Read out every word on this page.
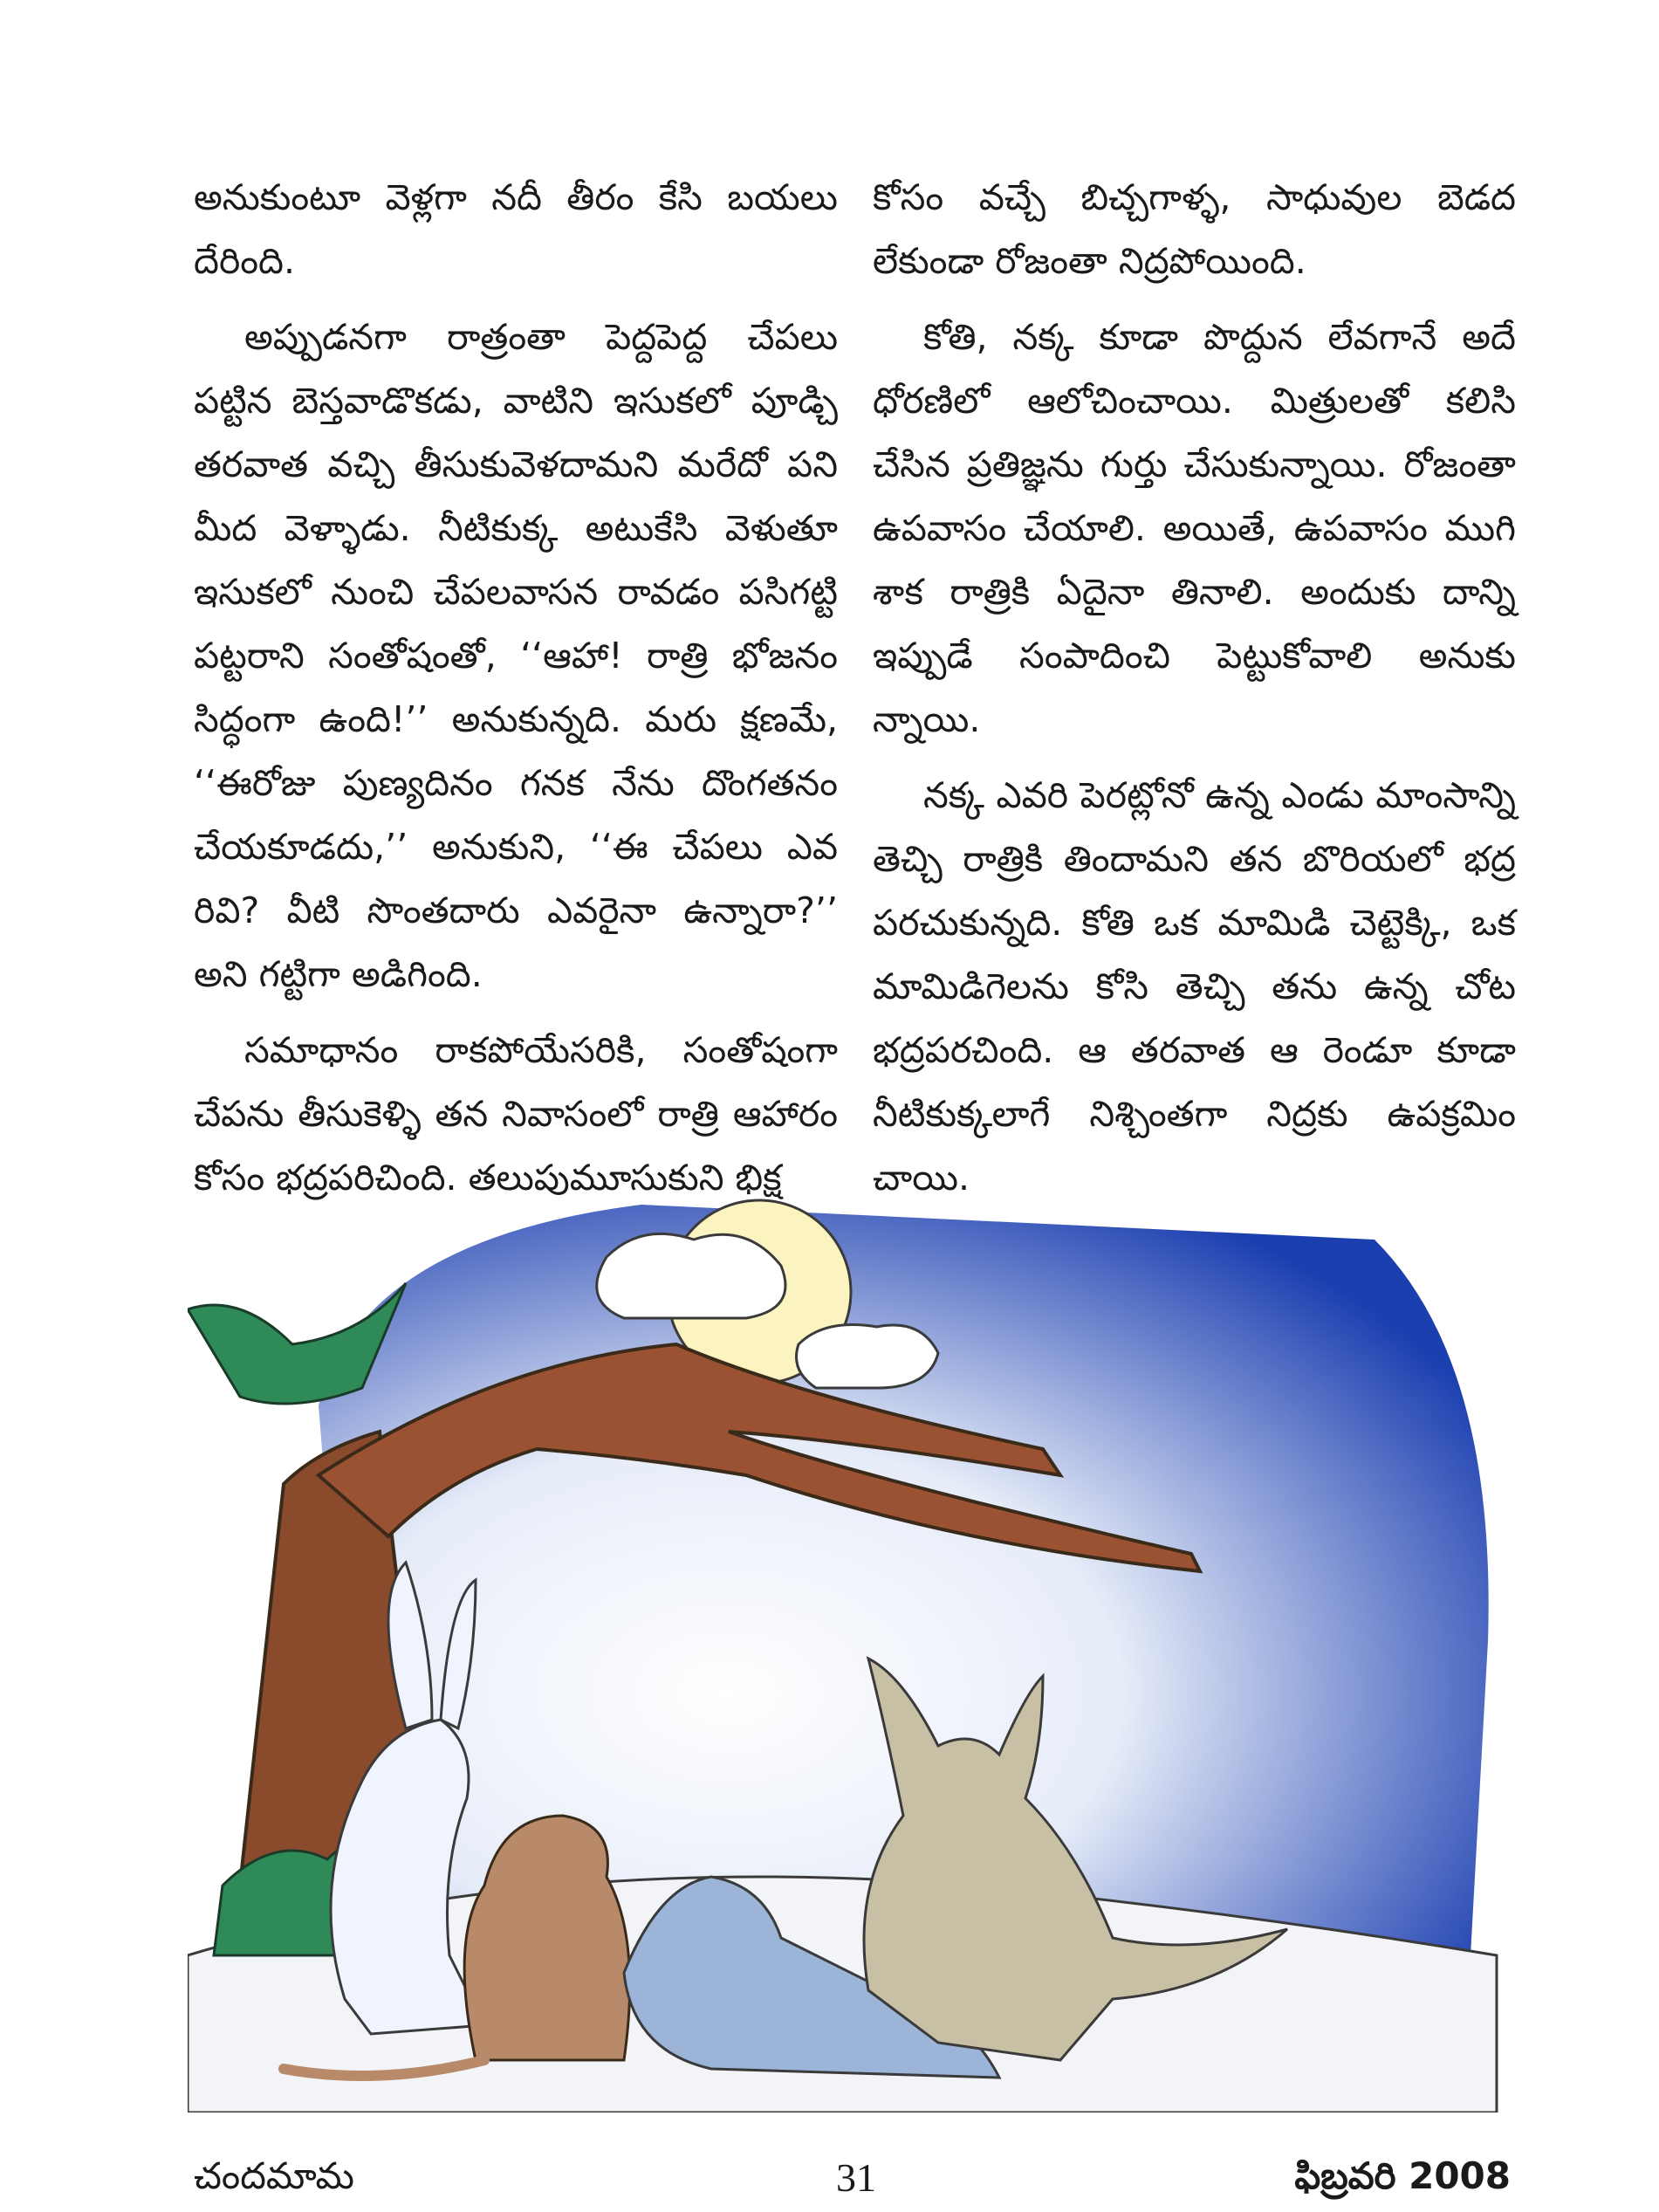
అనుకుంటూ వెళ్లగా నదీ తీరం కేసి బయలు దేరింది.

అప్పుడనగా రాత్రంతా పెద్దపెద్ద చేపలు పట్టిన బెస్తవాడొకడు, వాటిని ఇసుకలో పూడ్చి తరవాత వచ్చి తీసుకువెళదామని మరేదో పని మీద వెళ్ళాడు. నీటికుక్క అటుకేసి వెళుతూ ఇసుకలో నుంచి చేపలవాసన రావడం పసిగట్టి పట్టరాని సంతోషంతో, ‘‘ఆహా! రాత్రి భోజనం సిద్ధంగా ఉంది!’’ అనుకున్నది. మరు క్షణమే, ‘‘ఈరోజు పుణ్యదినం గనక నేను దొంగతనం చేయకూడదు,’’ అనుకుని, ‘‘ఈ చేపలు ఎవ రివి? వీటి సొంతదారు ఎవరైనా ఉన్నారా?’’ అని గట్టిగా అడిగింది.

సమాధానం రాకపోయేసరికి, సంతోషంగా చేపను తీసుకెళ్ళి తన నివాసంలో రాత్రి ఆహారం కోసం భద్రపరిచింది. తలుపుమూసుకుని భిక్ష

కోసం వచ్చే బిచ్చగాళ్ళ, సాధువుల బెడద లేకుండా రోజంతా నిద్రపోయింది.

కోతి, నక్క కూడా పొద్దున లేవగానే అదే ధోరణిలో ఆలోచించాయి. మిత్రులతో కలిసి చేసిన ప్రతిజ్ఞను గుర్తు చేసుకున్నాయి. రోజంతా ఉపవాసం చేయాలి. అయితే, ఉపవాసం ముగి శాక రాత్రికి ఏదైనా తినాలి. అందుకు దాన్ని ఇప్పుడే సంపాదించి పెట్టుకోవాలి అనుకు న్నాయి.

నక్క ఎవరి పెరట్లోనో ఉన్న ఎండు మాంసాన్ని తెచ్చి రాత్రికి తిందామని తన బొరియలో భద్ర పరచుకున్నది. కోతి ఒక మామిడి చెట్టెక్కి, ఒక మామిడిగెలను కోసి తెచ్చి తను ఉన్న చోట భద్రపరచింది. ఆ తరవాత ఆ రెండూ కూడా నీటికుక్కలాగే నిశ్చింతగా నిద్రకు ఉపక్రమిం చాయి.

చందమామ	31	ఫిబ్రవరి 2008
